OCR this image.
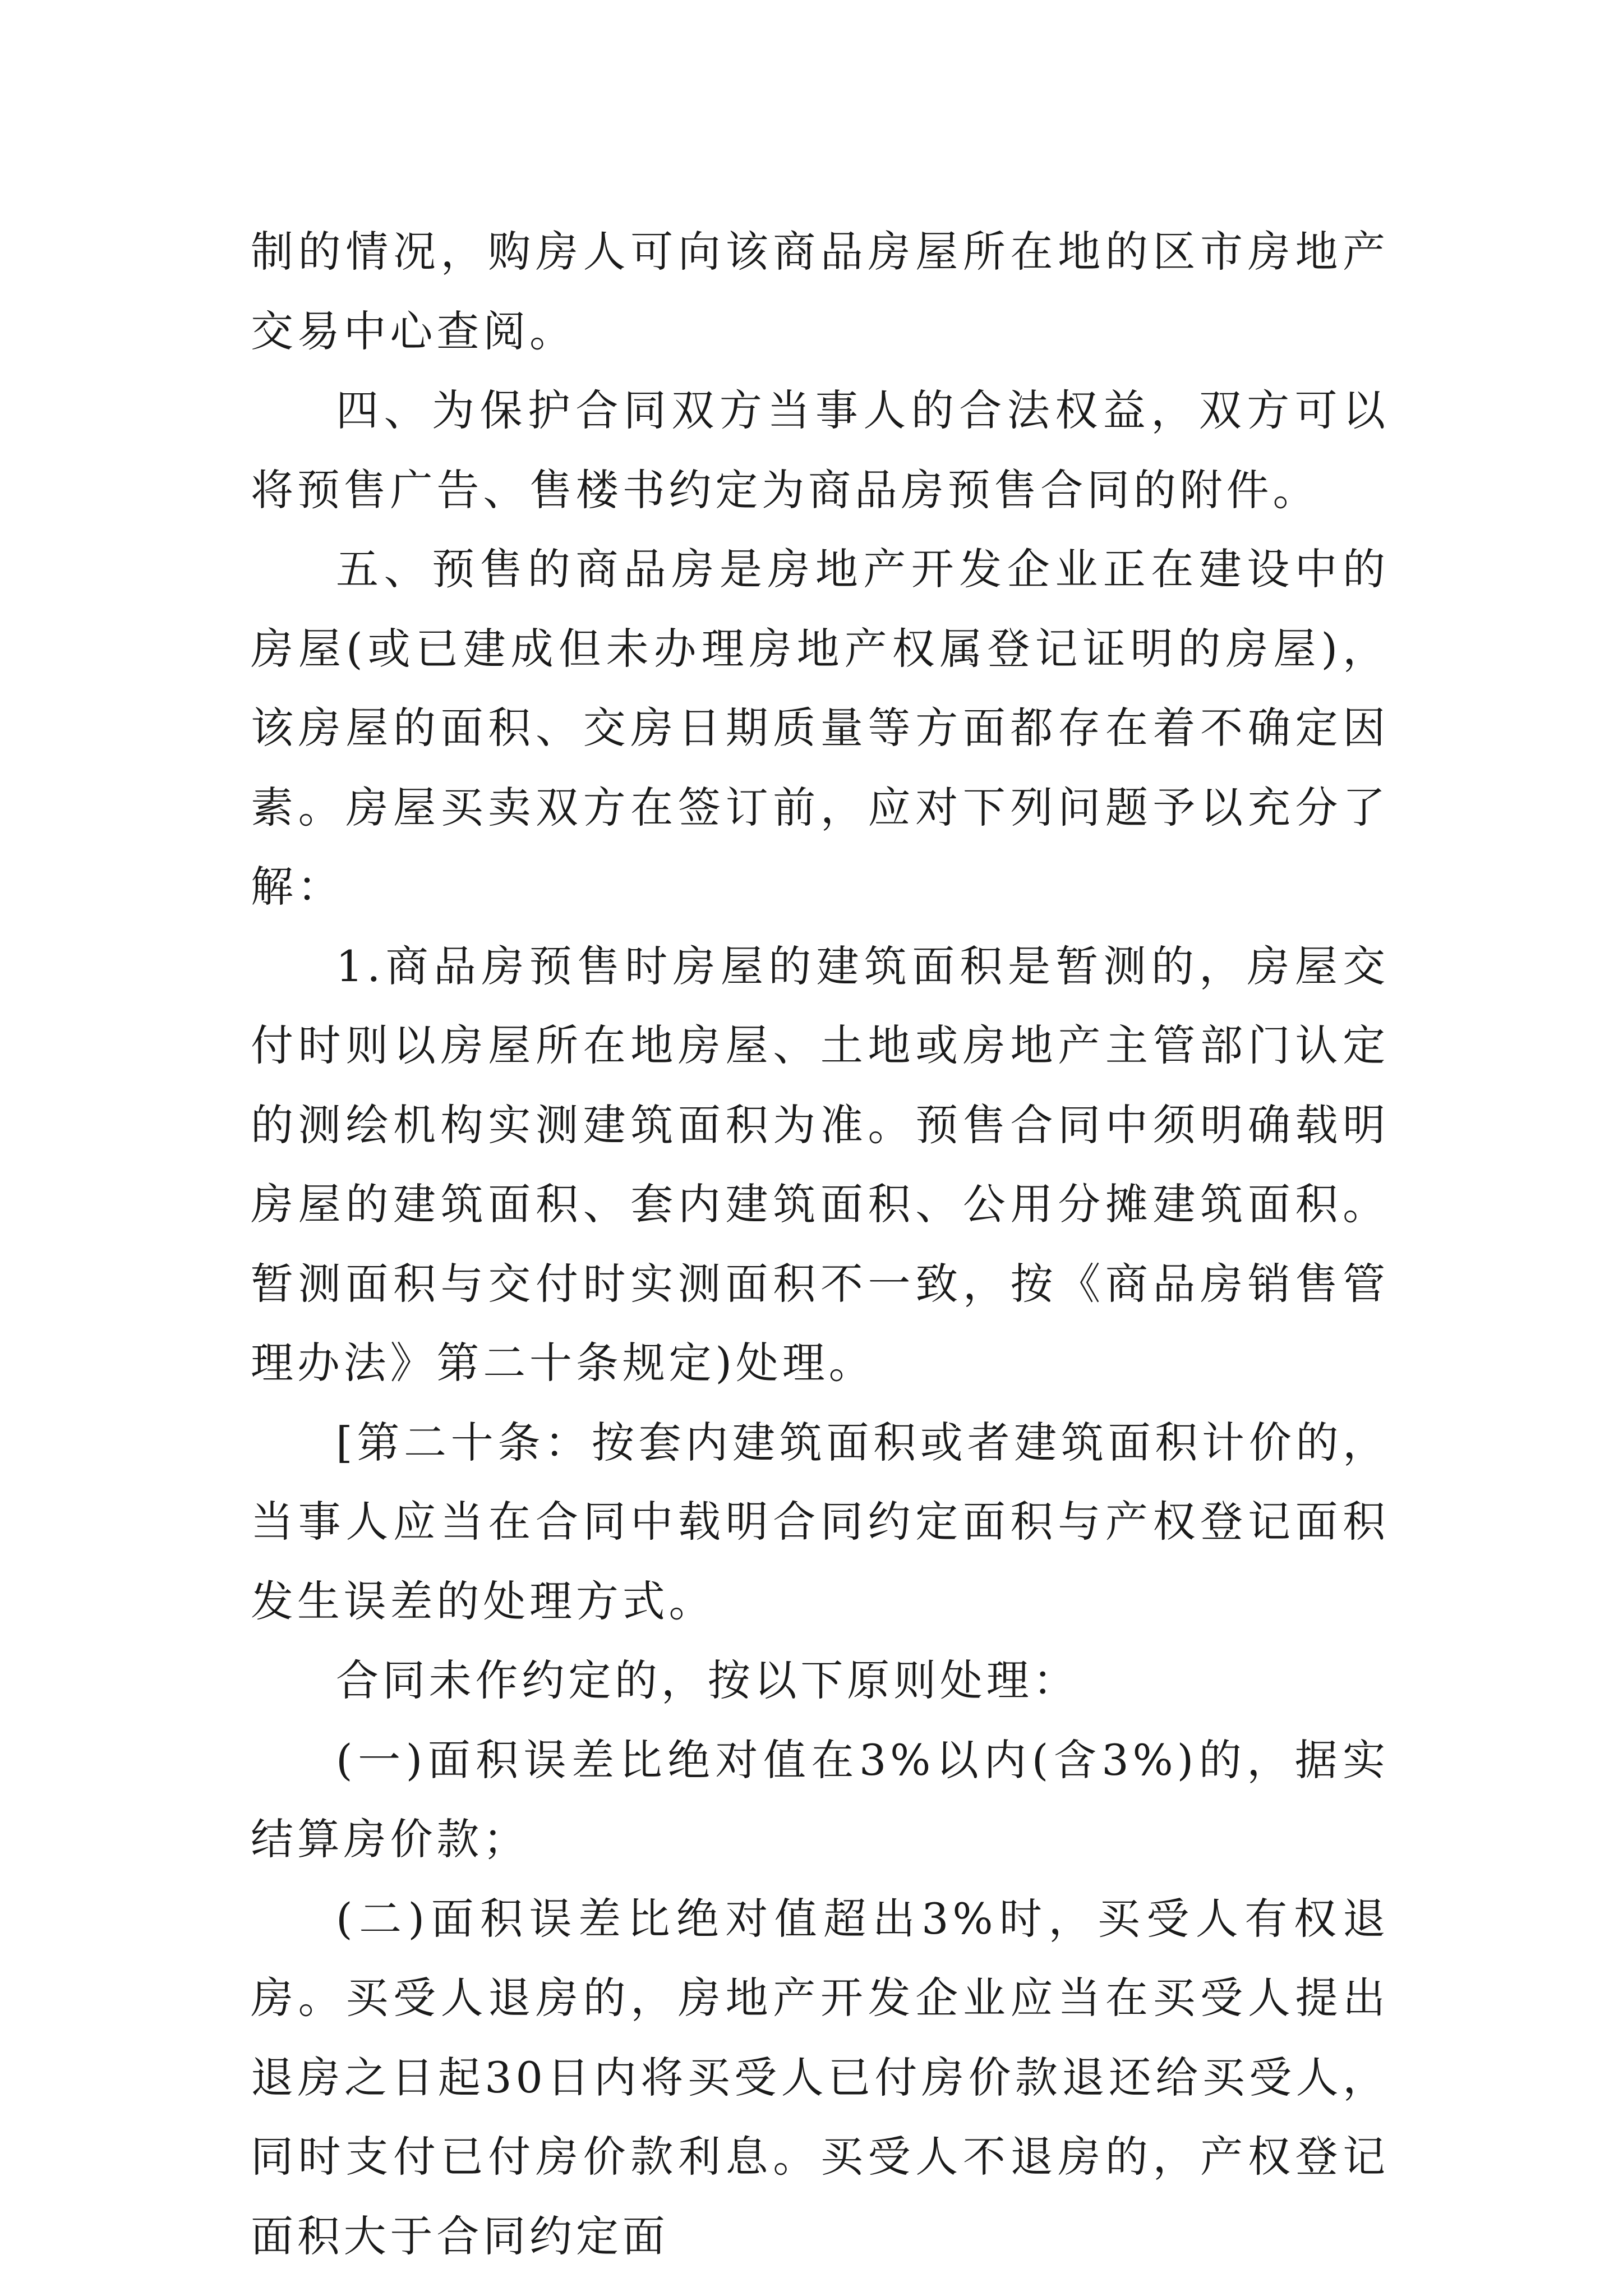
制的情况，购房人可向该商品房屋所在地的区市房地产交易中心查阅。

四、为保护合同双方当事人的合法权益，双方可以将预售广告、售楼书约定为商品房预售合同的附件。

五、预售的商品房是房地产开发企业正在建设中的房屋(或已建成但未办理房地产权属登记证明的房屋)，该房屋的面积、交房日期质量等方面都存在着不确定因素。房屋买卖双方在签订前，应对下列问题予以充分了解：

1.商品房预售时房屋的建筑面积是暂测的，房屋交付时则以房屋所在地房屋、土地或房地产主管部门认定的测绘机构实测建筑面积为准。预售合同中须明确载明房屋的建筑面积、套内建筑面积、公用分摊建筑面积。暂测面积与交付时实测面积不一致，按《商品房销售管理办法》第二十条规定)处理。

[第二十条：按套内建筑面积或者建筑面积计价的，当事人应当在合同中载明合同约定面积与产权登记面积发生误差的处理方式。

合同未作约定的，按以下原则处理：

(一)面积误差比绝对值在3%以内(含3%)的，据实结算房价款；

(二)面积误差比绝对值超出3%时，买受人有权退房。买受人退房的，房地产开发企业应当在买受人提出退房之日起30日内将买受人已付房价款退还给买受人，同时支付已付房价款利息。买受人不退房的，产权登记面积大于合同约定面
